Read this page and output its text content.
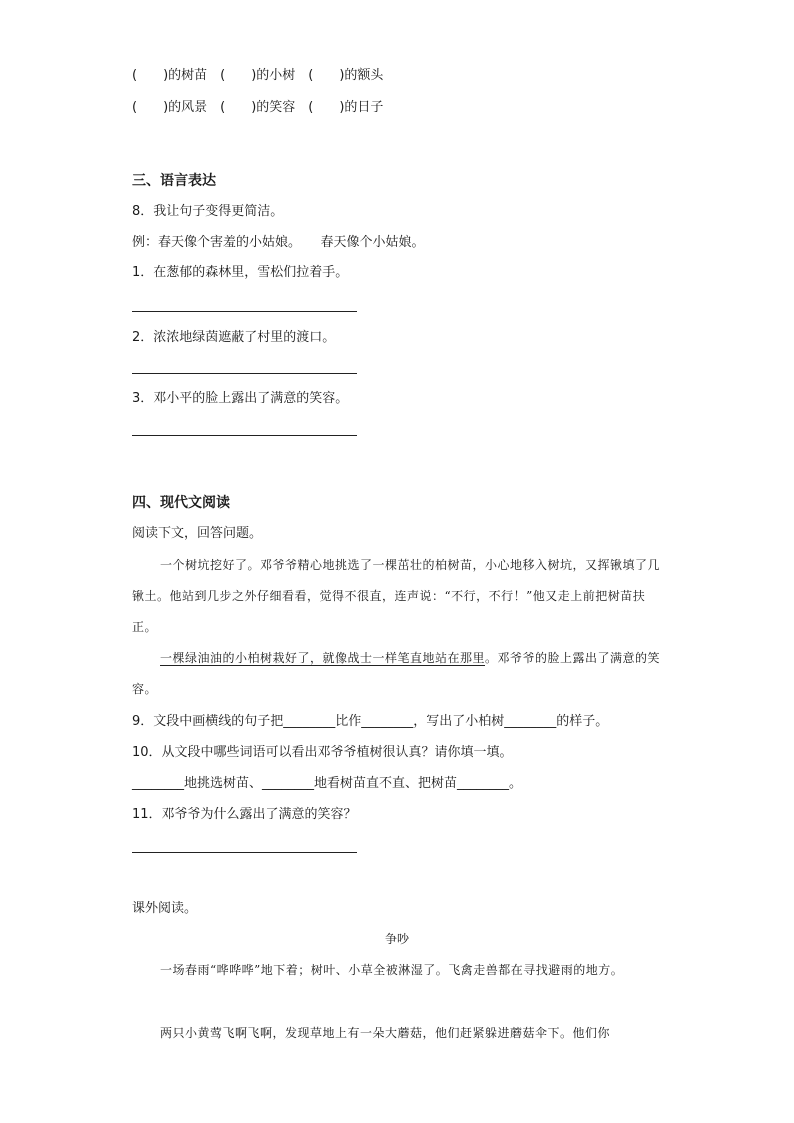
(　　)的树苗　(　　)的小树　(　　)的额头
(　　)的风景　(　　)的笑容　(　　)的日子
三、语言表达
8．我让句子变得更简洁。
例：春天像个害羞的小姑娘。　　春天像个小姑娘。
1．在葱郁的森林里，雪松们拉着手。
2．浓浓地绿茵遮蔽了村里的渡口。
3．邓小平的脸上露出了满意的笑容。
四、现代文阅读
阅读下文，回答问题。
一个树坑挖好了。邓爷爷精心地挑选了一棵茁壮的柏树苗，小心地移入树坑，又挥锹填了几锹土。他站到几步之外仔细看看，觉得不很直，连声说：“不行，不行！”他又走上前把树苗扶正。
一棵绿油油的小柏树栽好了，就像战士一样笔直地站在那里。邓爷爷的脸上露出了满意的笑容。
9．文段中画横线的句子把________比作________，写出了小柏树________的样子。
10．从文段中哪些词语可以看出邓爷爷植树很认真？请你填一填。
________地挑选树苗、________地看树苗直不直、把树苗________。
11．邓爷爷为什么露出了满意的笑容？
课外阅读。
争吵
一场春雨“哗哗哗”地下着；树叶、小草全被淋湿了。飞禽走兽都在寻找避雨的地方。
两只小黄莺飞啊飞啊，发现草地上有一朵大蘑菇，他们赶紧躲进蘑菇伞下。他们你
